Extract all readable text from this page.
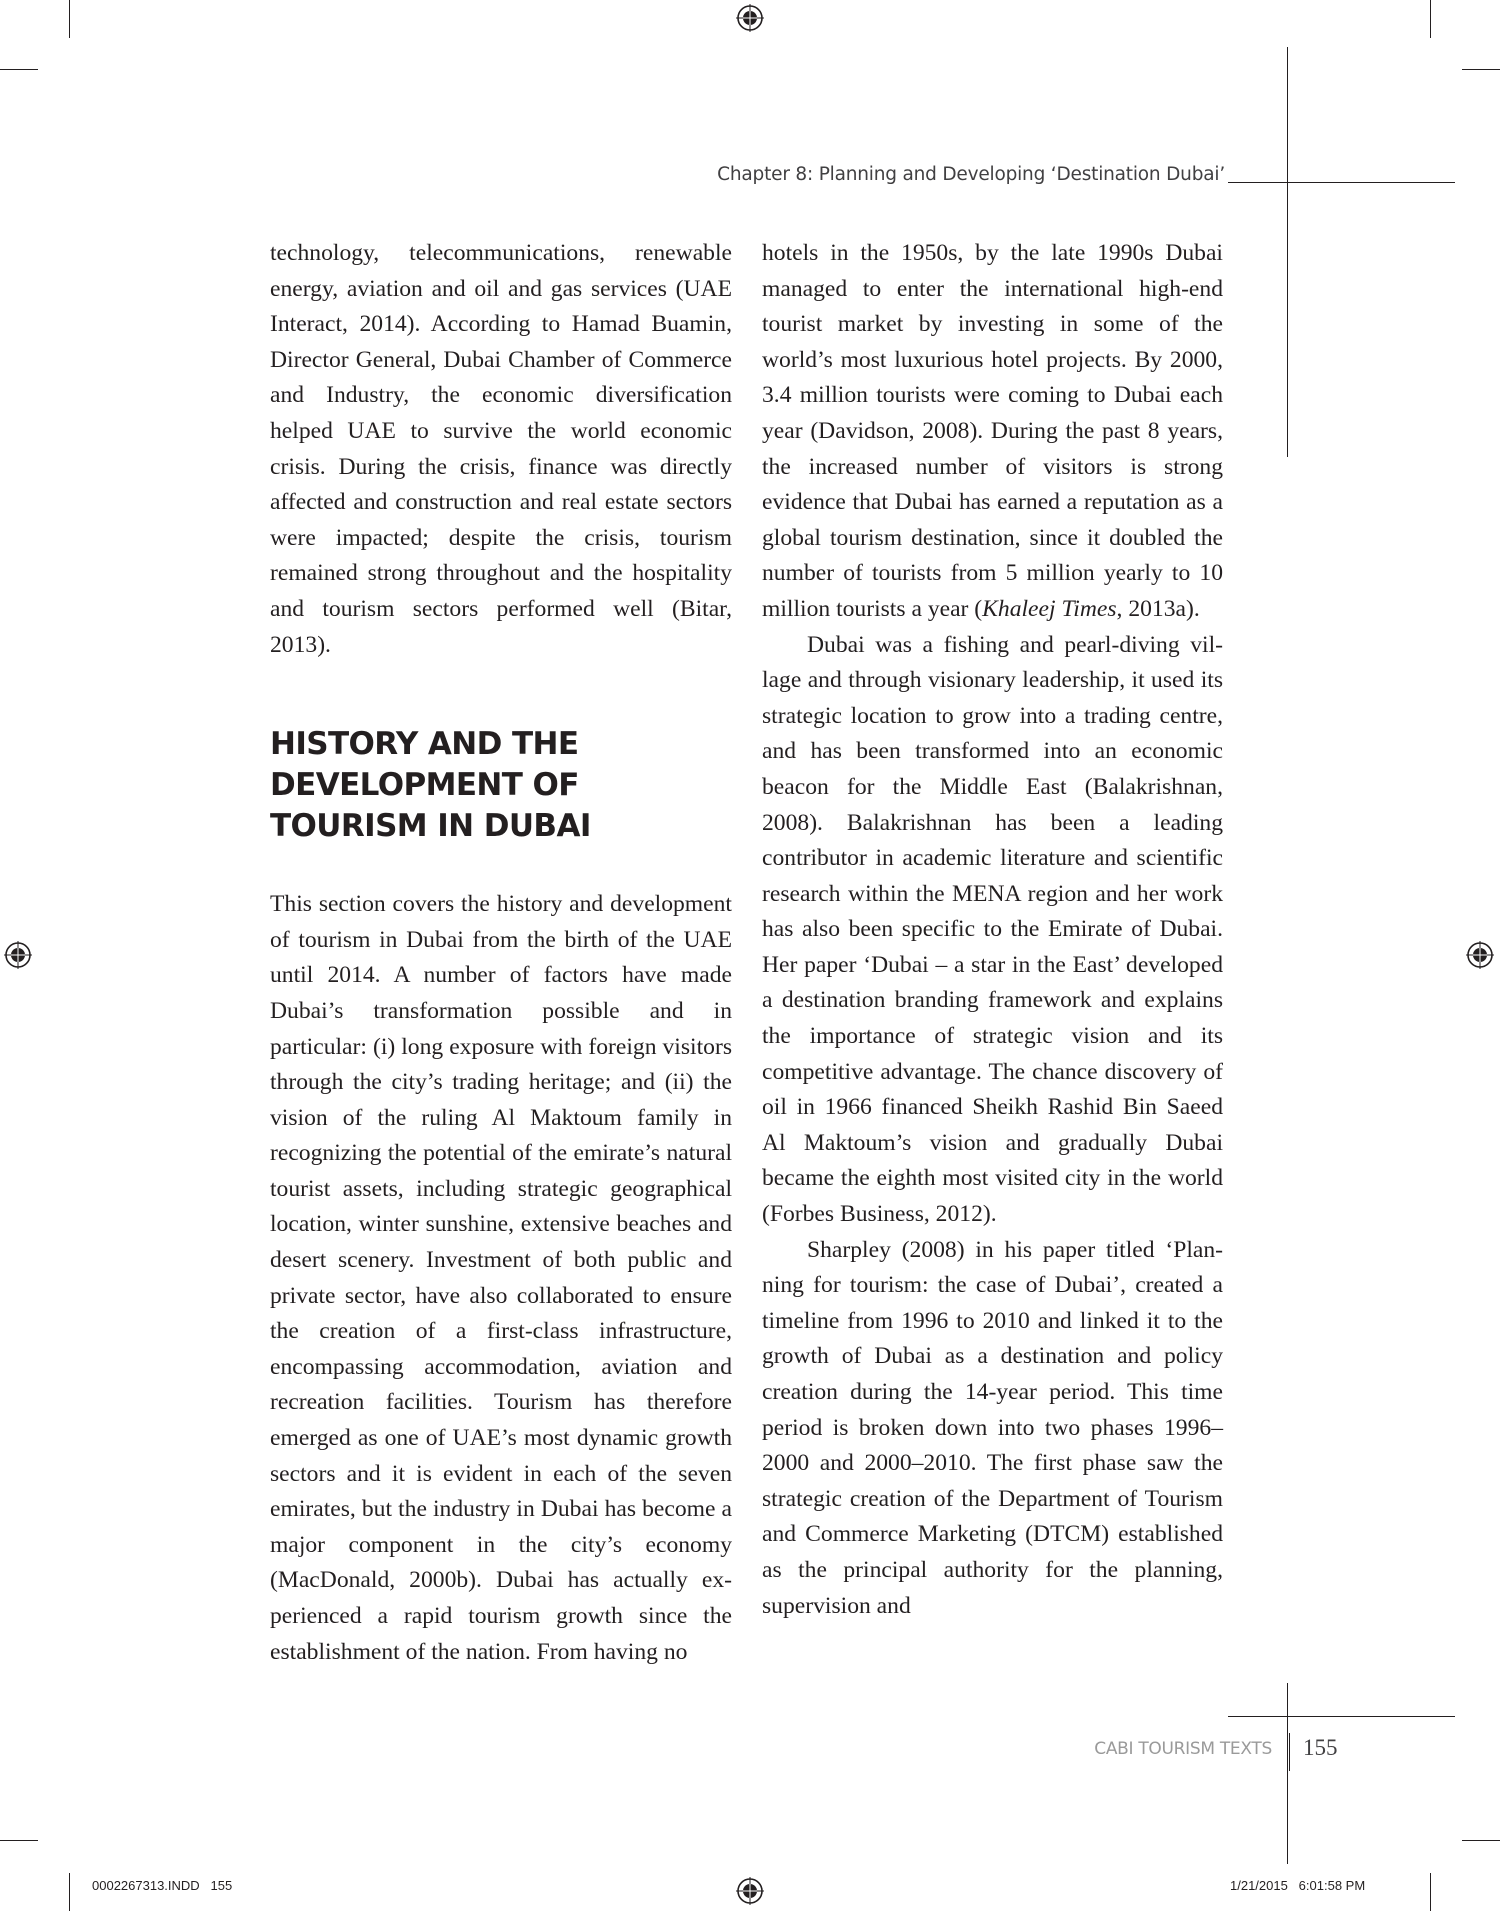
Chapter 8: Planning and Developing ‘Destination Dubai’

technology, telecommunications, renewable energy, aviation and oil and gas services (UAE Interact, 2014). According to Hamad Buamin, Director General, Dubai Chamber of Commerce and Industry, the economic diversification helped UAE to survive the world economic crisis. During the crisis, finance was directly affected and construction and real estate sectors were impacted; despite the crisis, tourism remained strong throughout and the hospitality and tourism sectors performed well (Bitar, 2013).

HISTORY AND THE DEVELOPMENT OF TOURISM IN DUBAI

This section covers the history and development of tourism in Dubai from the birth of the UAE until 2014. A number of factors have made Dubai’s transformation possible and in particular: (i) long exposure with foreign visitors through the city’s trading heritage; and (ii) the vision of the ruling Al Maktoum family in recognizing the potential of the emirate’s natural tourist assets, including strategic geographical location, winter sunshine, extensive beaches and desert scenery. Investment of both public and private sector, have also collaborated to ensure the creation of a first-class infrastructure, encompassing accommodation, aviation and recreation facilities. Tourism has therefore emerged as one of UAE’s most dynamic growth sectors and it is evident in each of the seven emirates, but the industry in Dubai has become a major component in the city’s economy (MacDonald, 2000b). Dubai has actually experienced a rapid tourism growth since the establishment of the nation. From having no

hotels in the 1950s, by the late 1990s Dubai managed to enter the international high-end tourist market by investing in some of the world’s most luxurious hotel projects. By 2000, 3.4 million tourists were coming to Dubai each year (Davidson, 2008). During the past 8 years, the increased number of visitors is strong evidence that Dubai has earned a reputation as a global tourism destination, since it doubled the number of tourists from 5 million yearly to 10 million tourists a year (Khaleej Times, 2013a).

Dubai was a fishing and pearl-diving village and through visionary leadership, it used its strategic location to grow into a trading centre, and has been transformed into an economic beacon for the Middle East (Balakrishnan, 2008). Balakrishnan has been a leading contributor in academic literature and scientific research within the MENA region and her work has also been specific to the Emirate of Dubai. Her paper ‘Dubai – a star in the East’ developed a destination branding framework and explains the importance of strategic vision and its competitive advantage. The chance discovery of oil in 1966 financed Sheikh Rashid Bin Saeed Al Maktoum’s vision and gradually Dubai became the eighth most visited city in the world (Forbes Business, 2012).

Sharpley (2008) in his paper titled ‘Planning for tourism: the case of Dubai’, created a timeline from 1996 to 2010 and linked it to the growth of Dubai as a destination and policy creation during the 14-year period. This time period is broken down into two phases 1996–2000 and 2000–2010. The first phase saw the strategic creation of the Department of Tourism and Commerce Marketing (DTCM) established as the principal authority for the planning, supervision and

CABI TOURISM TEXTS 155
0002267313.INDD   155	1/21/2015   6:01:58 PM
